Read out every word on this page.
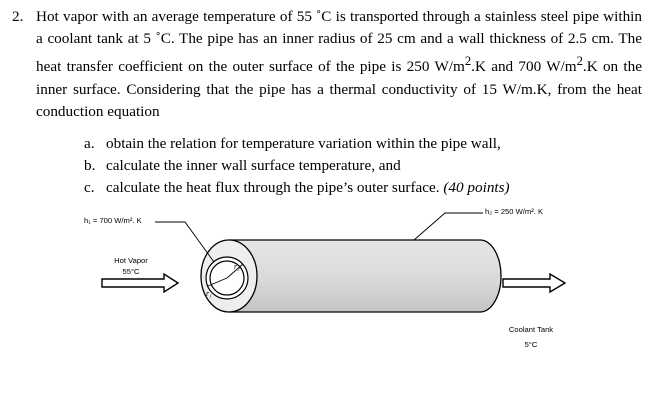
2. Hot vapor with an average temperature of 55 ˚C is transported through a stainless steel pipe within a coolant tank at 5 ˚C. The pipe has an inner radius of 25 cm and a wall thickness of 2.5 cm. The heat transfer coefficient on the outer surface of the pipe is 250 $W/m^2.K$ and 700 $W/m^2.K$ on the inner surface. Considering that the pipe has a thermal conductivity of 15 W/m.K, from the heat conduction equation
a. obtain the relation for temperature variation within the pipe wall,
b. calculate the inner wall surface temperature, and
c. calculate the heat flux through the pipe’s outer surface. (40 points)
h₁ = 700 W/m². K
h₂ = 250 W/m². K
Hot Vapor
55°C
Coolant Tank
5°C
r₂
r₁
